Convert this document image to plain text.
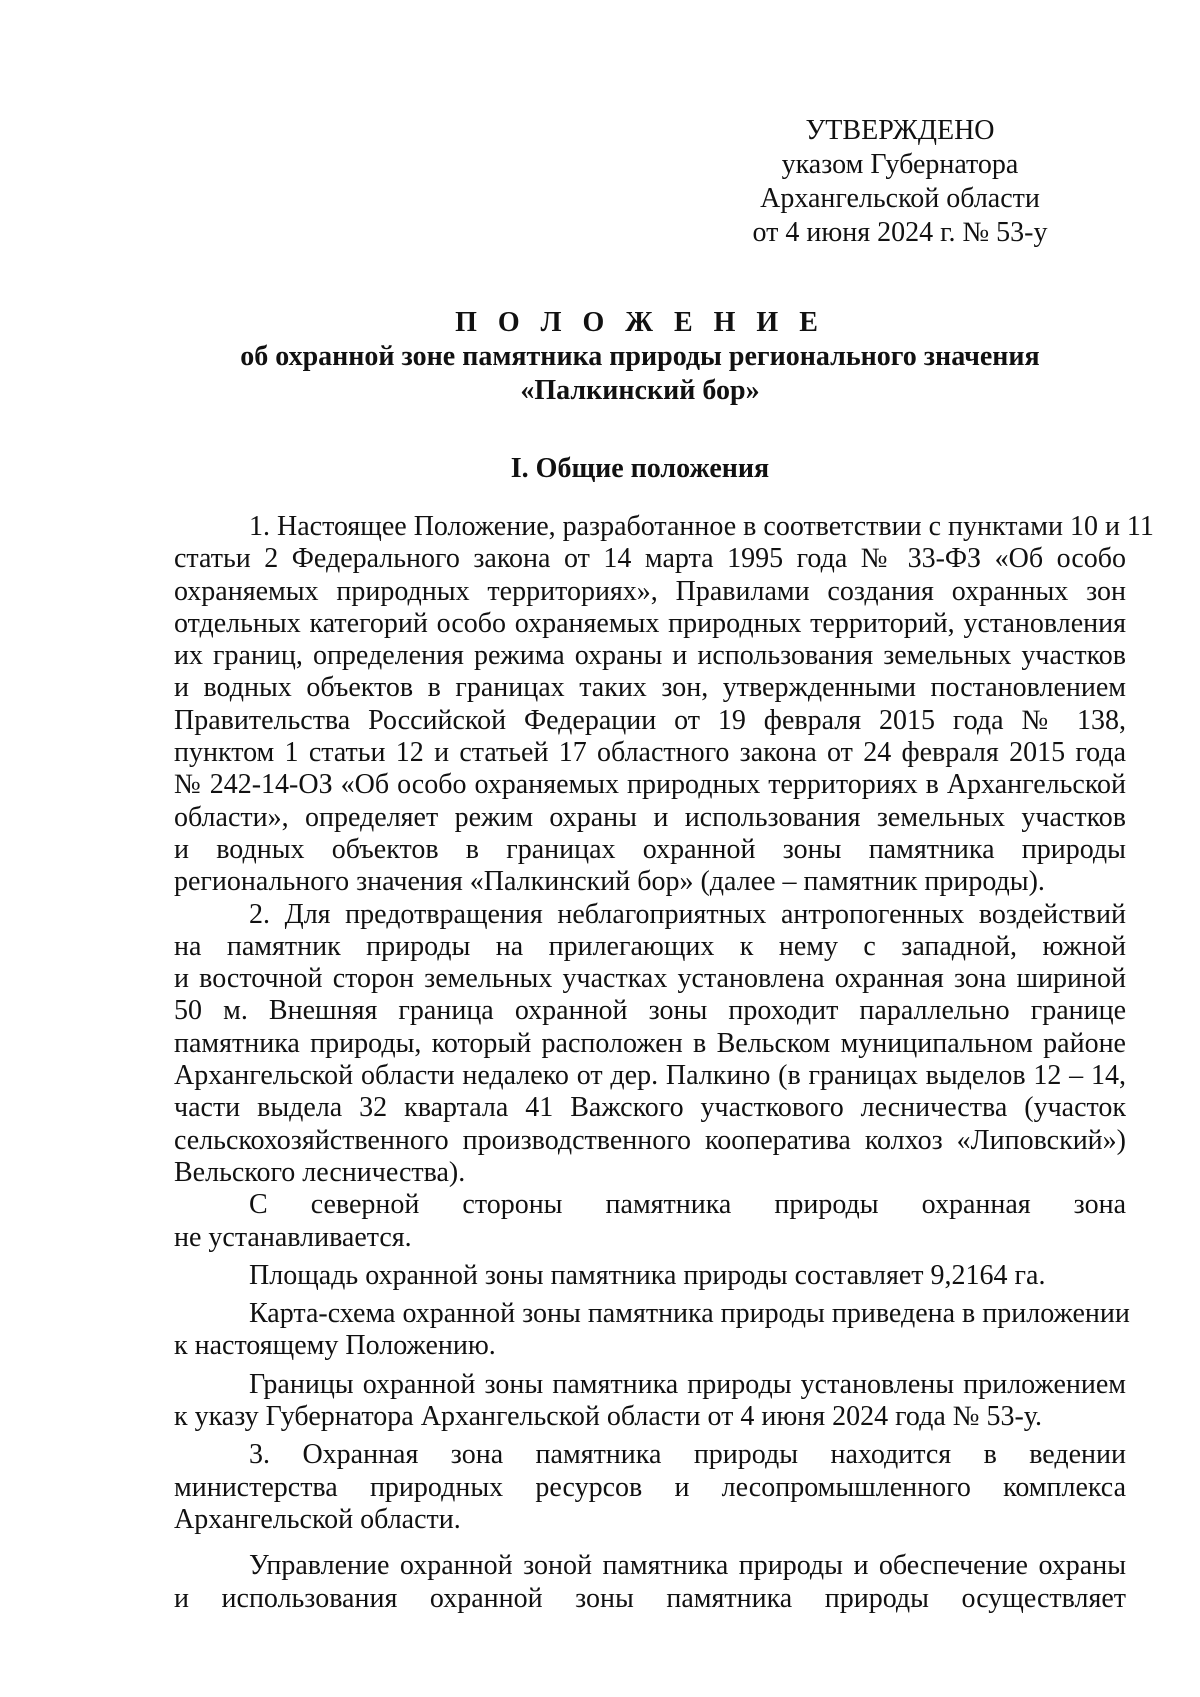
УТВЕРЖДЕНО
указом Губернатора
Архангельской области
от 4 июня 2024 г. № 53-у
П О Л О Ж Е Н И Е
об охранной зоне памятника природы регионального значения
«Палкинский бор»
I. Общие положения
1. Настоящее Положение, разработанное в соответствии с пунктами 10 и 11
статьи 2 Федерального закона от 14 марта 1995 года № 33-ФЗ «Об особо
охраняемых природных территориях», Правилами создания охранных зон
отдельных категорий особо охраняемых природных территорий, установления
их границ, определения режима охраны и использования земельных участков
и водных объектов в границах таких зон, утвержденными постановлением
Правительства Российской Федерации от 19 февраля 2015 года № 138,
пунктом 1 статьи 12 и статьей 17 областного закона от 24 февраля 2015 года
№ 242-14-ОЗ «Об особо охраняемых природных территориях в Архангельской
области», определяет режим охраны и использования земельных участков
и водных объектов в границах охранной зоны памятника природы
регионального значения «Палкинский бор» (далее – памятник природы).
2. Для предотвращения неблагоприятных антропогенных воздействий
на памятник природы на прилегающих к нему с западной, южной
и восточной сторон земельных участках установлена охранная зона шириной
50 м. Внешняя граница охранной зоны проходит параллельно границе
памятника природы, который расположен в Вельском муниципальном районе
Архангельской области недалеко от дер. Палкино (в границах выделов 12 – 14,
части выдела 32 квартала 41 Важского участкового лесничества (участок
сельскохозяйственного производственного кооператива колхоз «Липовский»)
Вельского лесничества).
С северной стороны памятника природы охранная зона
не устанавливается.
Площадь охранной зоны памятника природы составляет 9,2164 га.
Карта-схема охранной зоны памятника природы приведена в приложении
к настоящему Положению.
Границы охранной зоны памятника природы установлены приложением
к указу Губернатора Архангельской области от 4 июня 2024 года № 53-у.
3. Охранная зона памятника природы находится в ведении
министерства природных ресурсов и лесопромышленного комплекса
Архангельской области.
Управление охранной зоной памятника природы и обеспечение охраны
и использования охранной зоны памятника природы осуществляет
